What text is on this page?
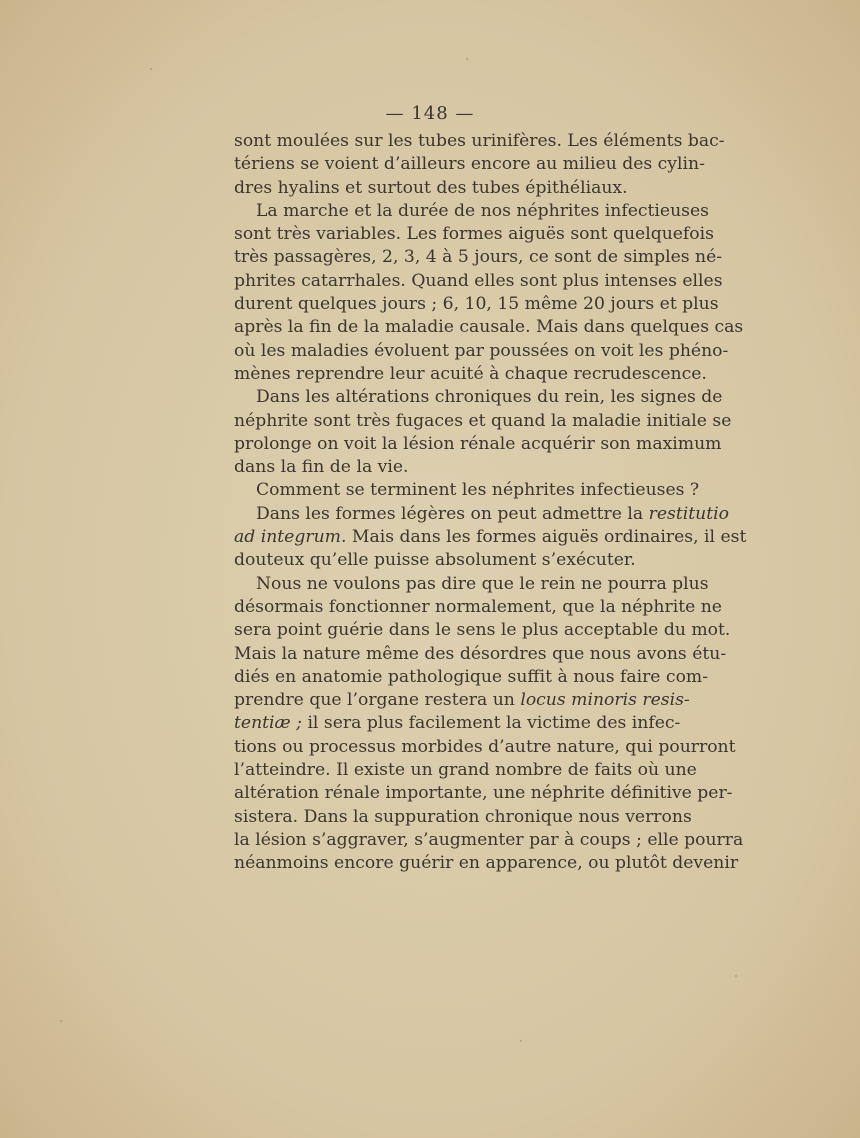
— 148 —
sont moulées sur les tubes urinifères. Les éléments bac-
tériens se voient d’ailleurs encore au milieu des cylin-
dres hyalins et surtout des tubes épithéliaux.
La marche et la durée de nos néphrites infectieuses
sont très variables. Les formes aiguës sont quelquefois
très passagères, 2, 3, 4 à 5 jours, ce sont de simples né-
phrites catarrhales. Quand elles sont plus intenses elles
durent quelques jours ; 6, 10, 15 même 20 jours et plus
après la fin de la maladie causale. Mais dans quelques cas
où les maladies évoluent par poussées on voit les phéno-
mènes reprendre leur acuité à chaque recrudescence.
Dans les altérations chroniques du rein, les signes de
néphrite sont très fugaces et quand la maladie initiale se
prolonge on voit la lésion rénale acquérir son maximum
dans la fin de la vie.
Comment se terminent les néphrites infectieuses ?
Dans les formes légères on peut admettre la restitutio
ad integrum. Mais dans les formes aiguës ordinaires, il est
douteux qu’elle puisse absolument s’exécuter.
Nous ne voulons pas dire que le rein ne pourra plus
désormais fonctionner normalement, que la néphrite ne
sera point guérie dans le sens le plus acceptable du mot.
Mais la nature même des désordres que nous avons étu-
diés en anatomie pathologique suffit à nous faire com-
prendre que l’organe restera un locus minoris resis-
tentiæ ; il sera plus facilement la victime des infec-
tions ou processus morbides d’autre nature, qui pourront
l’atteindre. Il existe un grand nombre de faits où une
altération rénale importante, une néphrite définitive per-
sistera. Dans la suppuration chronique nous verrons
la lésion s’aggraver, s’augmenter par à coups ; elle pourra
néanmoins encore guérir en apparence, ou plutôt devenir
